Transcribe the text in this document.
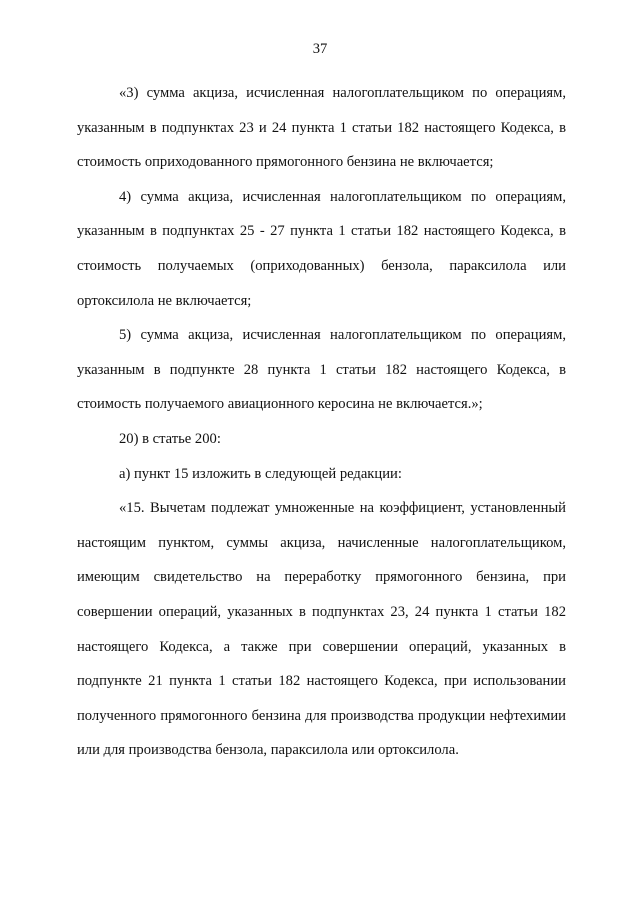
37

«3) сумма акциза, исчисленная налогоплательщиком по операциям, указанным в подпунктах 23 и 24 пункта 1 статьи 182 настоящего Кодекса, в стоимость оприходованного прямогонного бензина не включается;

4) сумма акциза, исчисленная налогоплательщиком по операциям, указанным в подпунктах 25 - 27 пункта 1 статьи 182 настоящего Кодекса, в стоимость получаемых (оприходованных) бензола, параксилола или ортоксилола не включается;

5) сумма акциза, исчисленная налогоплательщиком по операциям, указанным в подпункте 28 пункта 1 статьи 182 настоящего Кодекса, в стоимость получаемого авиационного керосина не включается.»;

20) в статье 200:

а) пункт 15 изложить в следующей редакции:

«15. Вычетам подлежат умноженные на коэффициент, установленный настоящим пунктом, суммы акциза, начисленные налогоплательщиком, имеющим свидетельство на переработку прямогонного бензина, при совершении операций, указанных в подпунктах 23, 24 пункта 1 статьи 182 настоящего Кодекса, а также при совершении операций, указанных в подпункте 21 пункта 1 статьи 182 настоящего Кодекса, при использовании полученного прямогонного бензина для производства продукции нефтехимии или для производства бензола, параксилола или ортоксилола.
